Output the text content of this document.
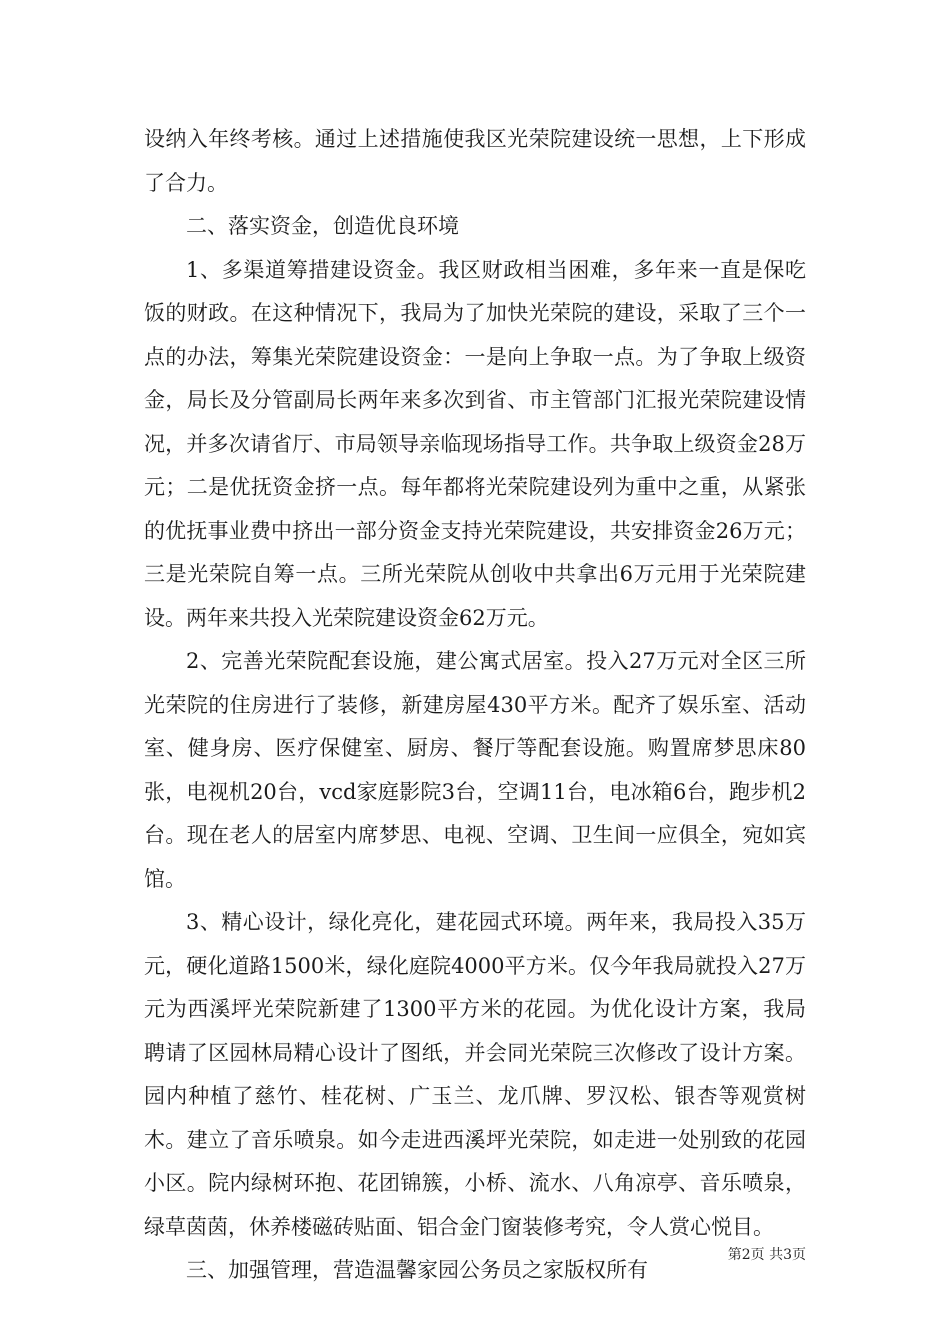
设纳入年终考核。通过上述措施使我区光荣院建设统一思想，上下形成了合力。

二、落实资金，创造优良环境

1、多渠道筹措建设资金。我区财政相当困难，多年来一直是保吃饭的财政。在这种情况下，我局为了加快光荣院的建设，采取了三个一点的办法，筹集光荣院建设资金：一是向上争取一点。为了争取上级资金，局长及分管副局长两年来多次到省、市主管部门汇报光荣院建设情况，并多次请省厅、市局领导亲临现场指导工作。共争取上级资金28万元；二是优抚资金挤一点。每年都将光荣院建设列为重中之重，从紧张的优抚事业费中挤出一部分资金支持光荣院建设，共安排资金26万元；三是光荣院自筹一点。三所光荣院从创收中共拿出6万元用于光荣院建设。两年来共投入光荣院建设资金62万元。

2、完善光荣院配套设施，建公寓式居室。投入27万元对全区三所光荣院的住房进行了装修，新建房屋430平方米。配齐了娱乐室、活动室、健身房、医疗保健室、厨房、餐厅等配套设施。购置席梦思床80张，电视机20台，vcd家庭影院3台，空调11台，电冰箱6台，跑步机2台。现在老人的居室内席梦思、电视、空调、卫生间一应俱全，宛如宾馆。

3、精心设计，绿化亮化，建花园式环境。两年来，我局投入35万元，硬化道路1500米，绿化庭院4000平方米。仅今年我局就投入27万元为西溪坪光荣院新建了1300平方米的花园。为优化设计方案，我局聘请了区园林局精心设计了图纸，并会同光荣院三次修改了设计方案。园内种植了慈竹、桂花树、广玉兰、龙爪牌、罗汉松、银杏等观赏树木。建立了音乐喷泉。如今走进西溪坪光荣院，如走进一处别致的花园小区。院内绿树环抱、花团锦簇，小桥、流水、八角凉亭、音乐喷泉，绿草茵茵，休养楼磁砖贴面、铝合金门窗装修考究，令人赏心悦目。

三、加强管理，营造温馨家园公务员之家版权所有

第2页 共3页
